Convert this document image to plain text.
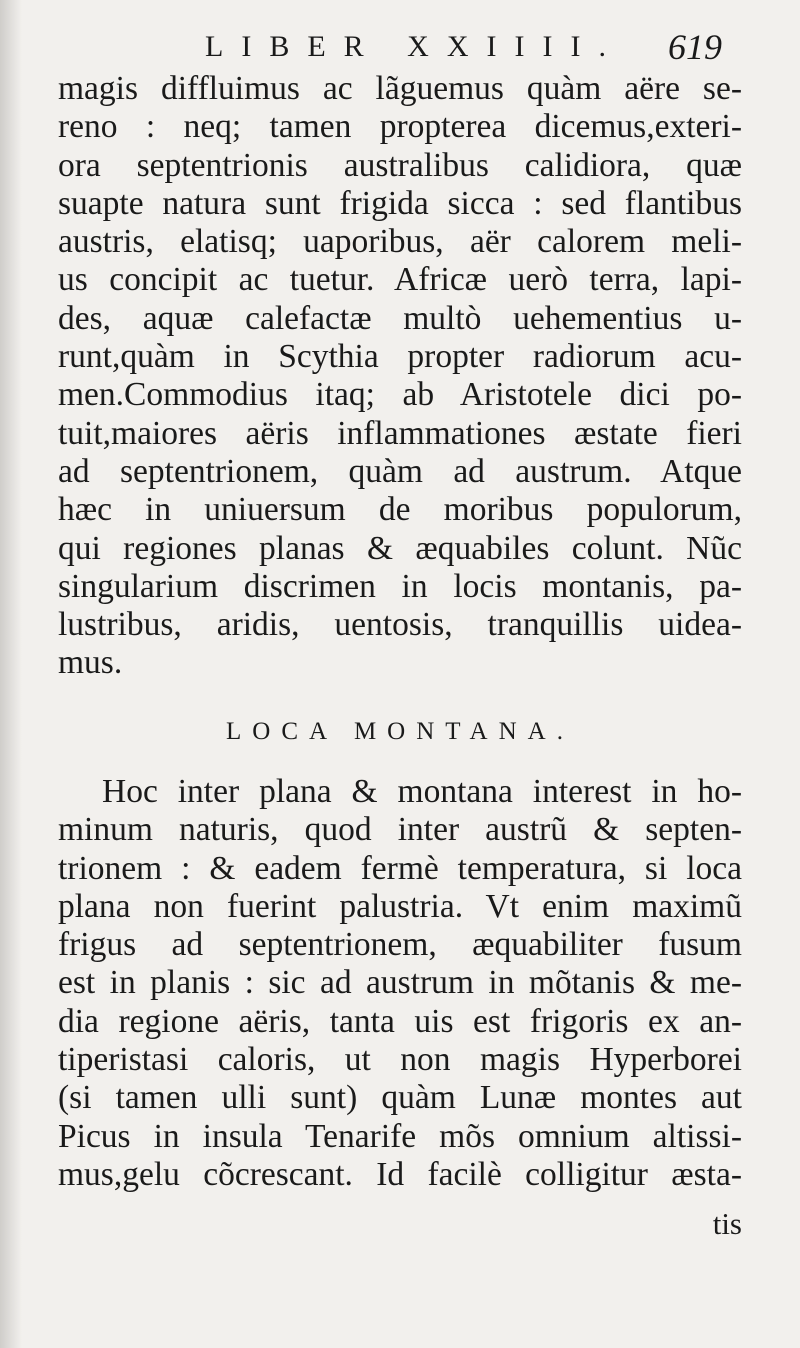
LIBER XXIIII. 619
magis diffluimus ac lãguemus quàm aëre se-
reno : neq; tamen propterea dicemus,exteri-
ora septentrionis australibus calidiora, quæ
suapte natura sunt frigida sicca : sed flantibus
austris, elatisq; uaporibus, aër calorem meli-
us concipit ac tuetur. Africæ uerò terra, lapi-
des, aquæ calefactæ multò uehementius u-
runt,quàm in Scythia propter radiorum acu-
men.Commodius itaq; ab Aristotele dici po-
tuit,maiores aëris inflammationes æstate fieri
ad septentrionem, quàm ad austrum. Atque
hæc in uniuersum de moribus populorum,
qui regiones planas & æquabiles colunt. Nũc
singularium discrimen in locis montanis, pa-
lustribus, aridis, uentosis, tranquillis uidea-
mus.
LOCA MONTANA.
Hoc inter plana & montana interest in ho-
minum naturis, quod inter austrũ & septen-
trionem : & eadem fermè temperatura, si loca
plana non fuerint palustria. Vt enim maximũ
frigus ad septentrionem, æquabiliter fusum
est in planis : sic ad austrum in mõtanis & me-
dia regione aëris, tanta uis est frigoris ex an-
tiperistasi caloris, ut non magis Hyperborei
(si tamen ulli sunt) quàm Lunæ montes aut
Picus in insula Tenarife mõs omnium altissi-
mus,gelu cõcrescant. Id facilè colligitur æsta-
tis
